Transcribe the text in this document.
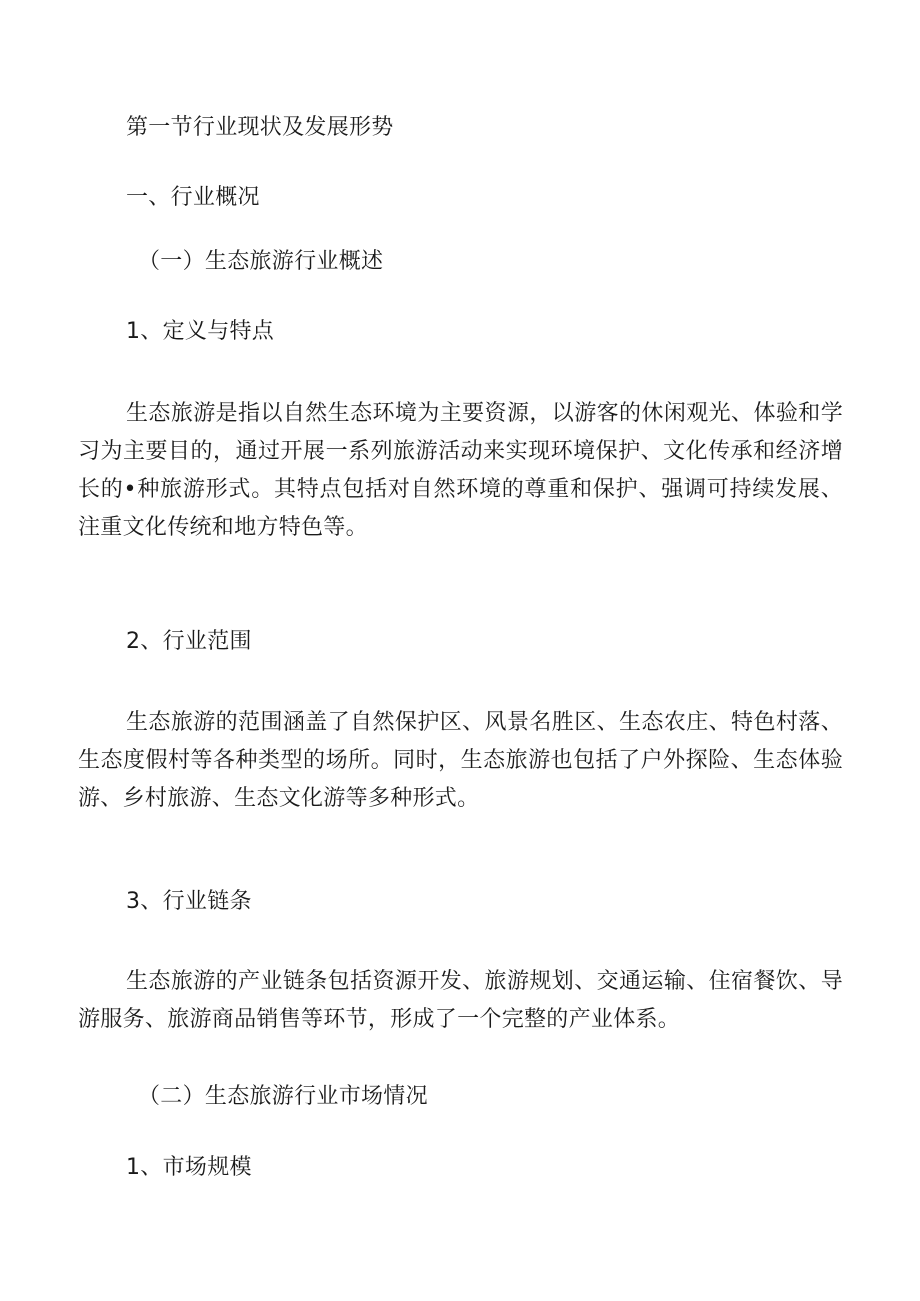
第一节行业现状及发展形势

一、行业概况

（一）生态旅游行业概述

1、定义与特点

生态旅游是指以自然生态环境为主要资源，以游客的休闲观光、体验和学习为主要目的，通过开展一系列旅游活动来实现环境保护、文化传承和经济增长的•种旅游形式。其特点包括对自然环境的尊重和保护、强调可持续发展、注重文化传统和地方特色等。

2、行业范围

生态旅游的范围涵盖了自然保护区、风景名胜区、生态农庄、特色村落、生态度假村等各种类型的场所。同时，生态旅游也包括了户外探险、生态体验游、乡村旅游、生态文化游等多种形式。

3、行业链条

生态旅游的产业链条包括资源开发、旅游规划、交通运输、住宿餐饮、导游服务、旅游商品销售等环节，形成了一个完整的产业体系。

（二）生态旅游行业市场情况

1、市场规模
